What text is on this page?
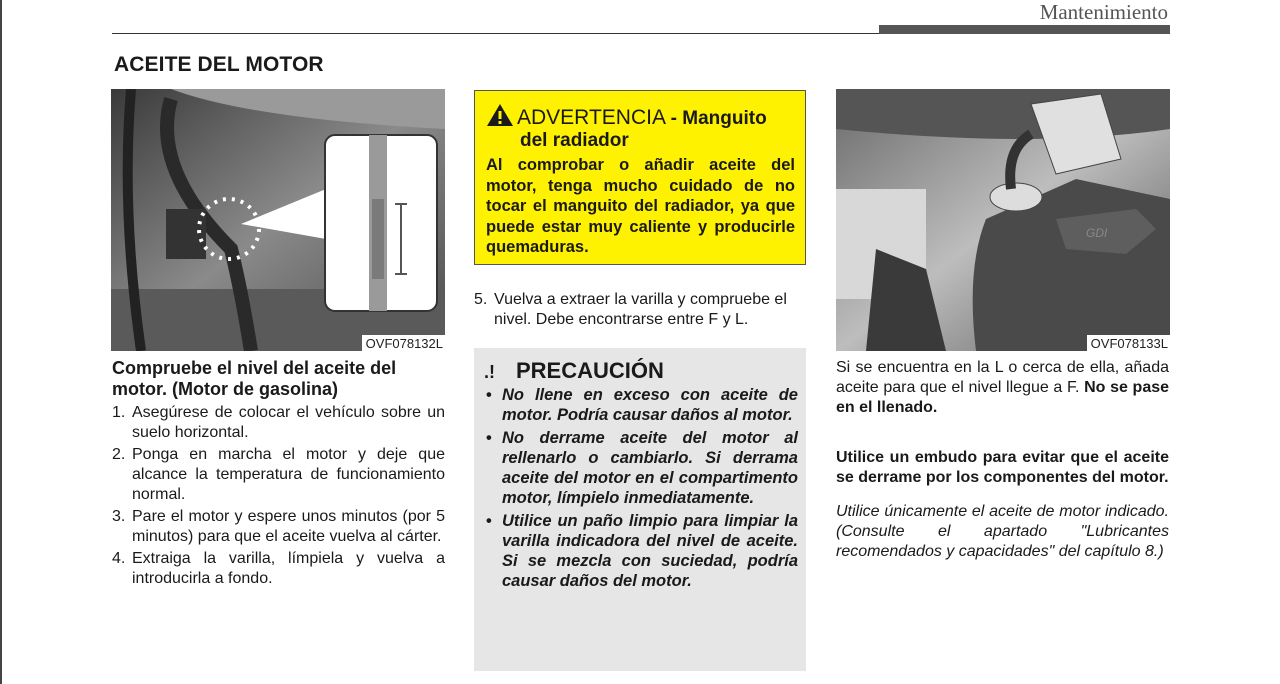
Mantenimiento
ACEITE DEL MOTOR
OVF078132L
Compruebe el nivel del aceite del motor. (Motor de gasolina)
1. Asegúrese de colocar el vehículo sobre un suelo horizontal.
2. Ponga en marcha el motor y deje que alcance la temperatura de funcionamiento normal.
3. Pare el motor y espere unos minutos (por 5 minutos) para que el aceite vuelva al cárter.
4. Extraiga la varilla, límpiela y vuelva a introducirla a fondo.
ADVERTENCIA - Manguito
del radiador
Al comprobar o añadir aceite del motor, tenga mucho cuidado de no tocar el manguito del radiador, ya que puede estar muy caliente y producirle quemaduras.
5. Vuelva a extraer la varilla y compruebe el nivel. Debe encontrarse entre F y L.
.! PRECAUCIÓN
• No llene en exceso con aceite de motor. Podría causar daños al motor.
• No derrame aceite del motor al rellenarlo o cambiarlo. Si derrama aceite del motor en el compartimento motor, límpielo inmediatamente.
• Utilice un paño limpio para limpiar la varilla indicadora del nivel de aceite. Si se mezcla con suciedad, podría causar daños del motor.
GDI
OVF078133L
Si se encuentra en la L o cerca de ella, añada aceite para que el nivel llegue a F. No se pase en el llenado.
Utilice un embudo para evitar que el aceite se derrame por los componentes del motor.
Utilice únicamente el aceite de motor indicado. (Consulte el apartado "Lubricantes recomendados y capacidades" del capítulo 8.)
